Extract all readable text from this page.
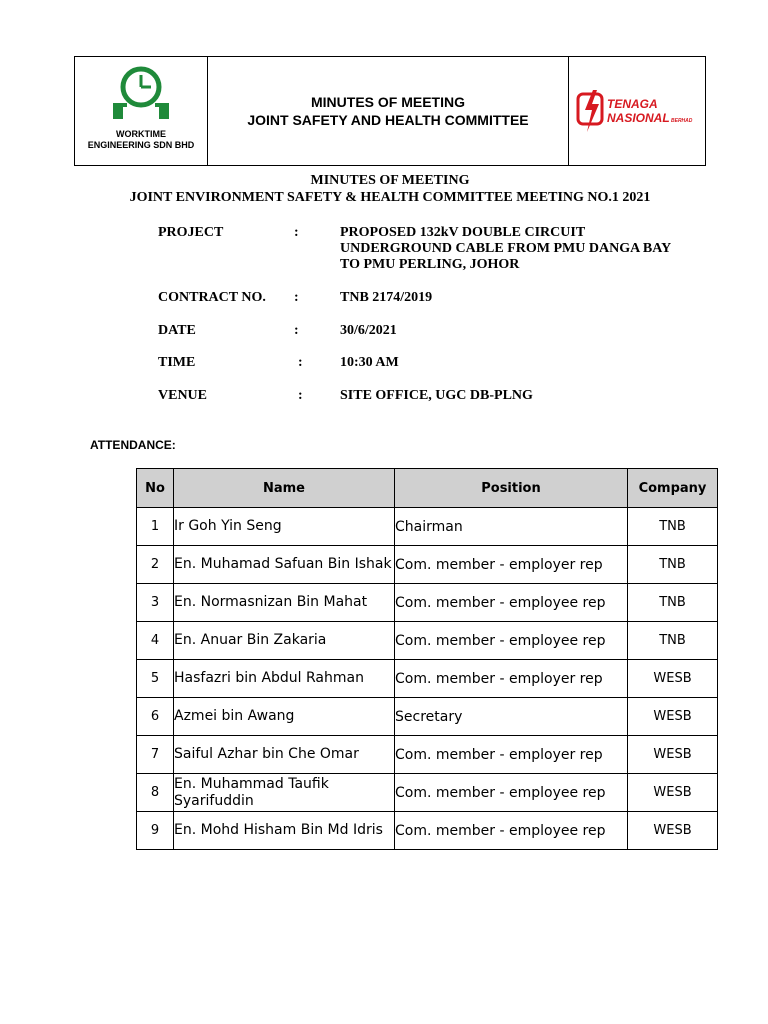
WORKTIME
ENGINEERING SDN BHD
MINUTES OF MEETING
JOINT SAFETY AND HEALTH COMMITTEE
TENAGA
NASIONAL BERHAD
MINUTES OF MEETING
JOINT ENVIRONMENT SAFETY & HEALTH COMMITTEE MEETING NO.1 2021
PROJECT	:	PROPOSED 132kV DOUBLE CIRCUIT
UNDERGROUND CABLE FROM PMU DANGA BAY
TO PMU PERLING, JOHOR
CONTRACT NO.	:	TNB 2174/2019
DATE	:	30/6/2021
TIME	:	10:30 AM
VENUE	:	SITE OFFICE, UGC DB-PLNG
ATTENDANCE:
No	Name	Position	Company
1	Ir Goh Yin Seng	Chairman	TNB
2	En. Muhamad Safuan Bin Ishak	Com. member - employer rep	TNB
3	En. Normasnizan Bin Mahat	Com. member - employee rep	TNB
4	En. Anuar Bin Zakaria	Com. member - employee rep	TNB
5	Hasfazri bin Abdul Rahman	Com. member - employer rep	WESB
6	Azmei bin Awang	Secretary	WESB
7	Saiful Azhar bin Che Omar	Com. member - employer rep	WESB
8	En. Muhammad Taufik Syarifuddin	Com. member - employee rep	WESB
9	En. Mohd Hisham Bin Md Idris	Com. member - employee rep	WESB
